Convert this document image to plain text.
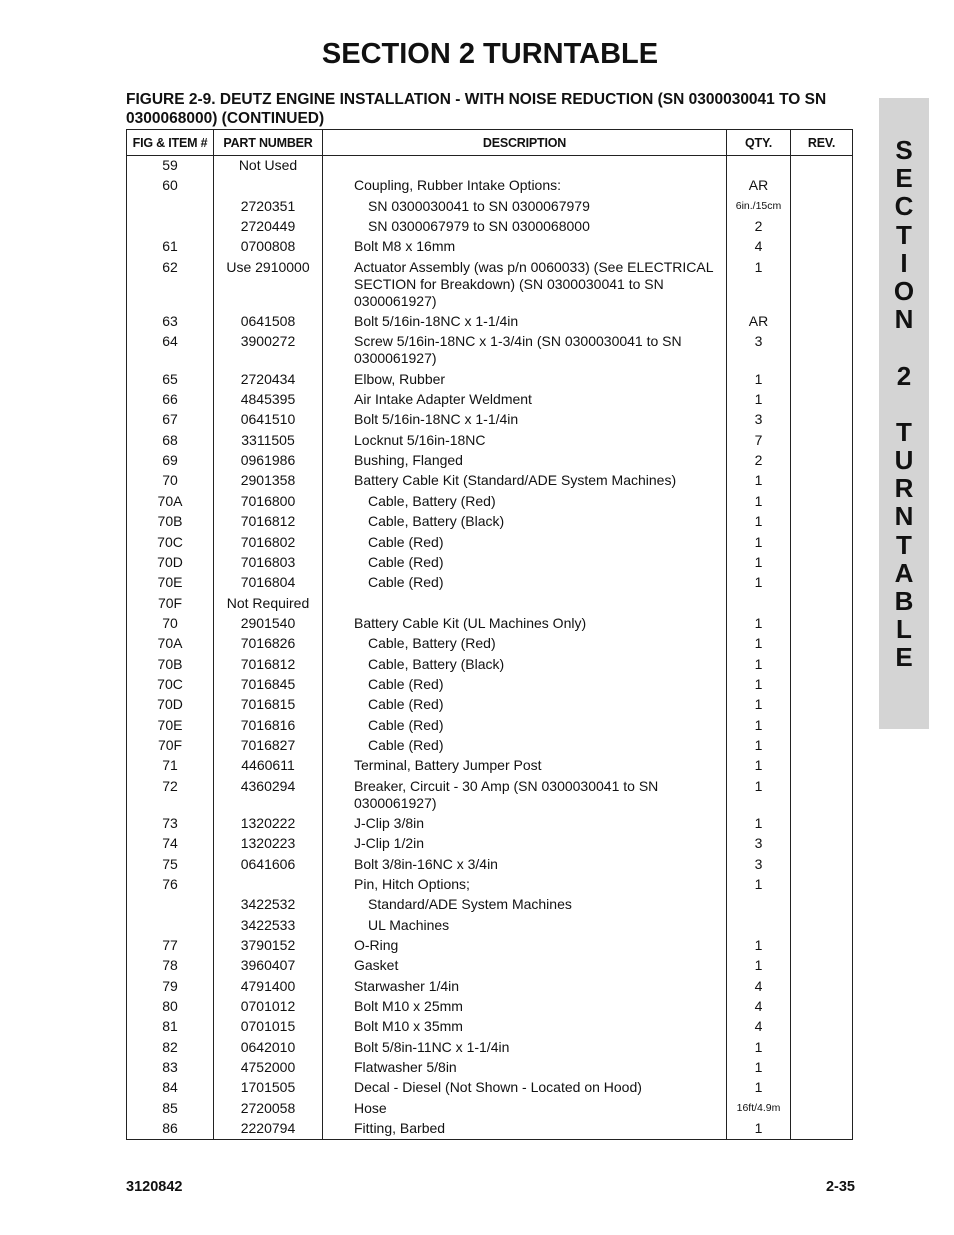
SECTION 2 TURNTABLE
FIGURE 2-9. DEUTZ ENGINE INSTALLATION - WITH NOISE REDUCTION (SN 0300030041 TO SN 0300068000) (CONTINUED)
S
E
C
T
I
O
N
2
T
U
R
N
T
A
B
L
E
FIG & ITEM #	PART NUMBER	DESCRIPTION	QTY.	REV.
59	Not Used			
60		Coupling, Rubber Intake Options:	AR	
	2720351	SN 0300030041 to SN 0300067979	6in./15cm	
	2720449	SN 0300067979 to SN 0300068000	2	
61	0700808	Bolt M8 x 16mm	4	
62	Use 2910000	Actuator Assembly (was p/n 0060033) (See ELECTRICAL SECTION for Breakdown) (SN 0300030041 to SN 0300061927)	1	
63	0641508	Bolt 5/16in-18NC x 1-1/4in	AR	
64	3900272	Screw 5/16in-18NC x 1-3/4in (SN 0300030041 to SN 0300061927)	3	
65	2720434	Elbow, Rubber	1	
66	4845395	Air Intake Adapter Weldment	1	
67	0641510	Bolt 5/16in-18NC x 1-1/4in	3	
68	3311505	Locknut 5/16in-18NC	7	
69	0961986	Bushing, Flanged	2	
70	2901358	Battery Cable Kit (Standard/ADE System Machines)	1	
70A	7016800	Cable, Battery (Red)	1	
70B	7016812	Cable, Battery (Black)	1	
70C	7016802	Cable (Red)	1	
70D	7016803	Cable (Red)	1	
70E	7016804	Cable (Red)	1	
70F	Not Required			
70	2901540	Battery Cable Kit (UL Machines Only)	1	
70A	7016826	Cable, Battery (Red)	1	
70B	7016812	Cable, Battery (Black)	1	
70C	7016845	Cable (Red)	1	
70D	7016815	Cable (Red)	1	
70E	7016816	Cable (Red)	1	
70F	7016827	Cable (Red)	1	
71	4460611	Terminal, Battery Jumper Post	1	
72	4360294	Breaker, Circuit - 30 Amp (SN 0300030041 to SN 0300061927)	1	
73	1320222	J-Clip 3/8in	1	
74	1320223	J-Clip 1/2in	3	
75	0641606	Bolt 3/8in-16NC x 3/4in	3	
76		Pin, Hitch Options;	1	
	3422532	Standard/ADE System Machines		
	3422533	UL Machines		
77	3790152	O-Ring	1	
78	3960407	Gasket	1	
79	4791400	Starwasher 1/4in	4	
80	0701012	Bolt M10 x 25mm	4	
81	0701015	Bolt M10 x 35mm	4	
82	0642010	Bolt 5/8in-11NC x 1-1/4in	1	
83	4752000	Flatwasher 5/8in	1	
84	1701505	Decal - Diesel (Not Shown - Located on Hood)	1	
85	2720058	Hose	16ft/4.9m	
86	2220794	Fitting, Barbed	1	
3120842	2-35
